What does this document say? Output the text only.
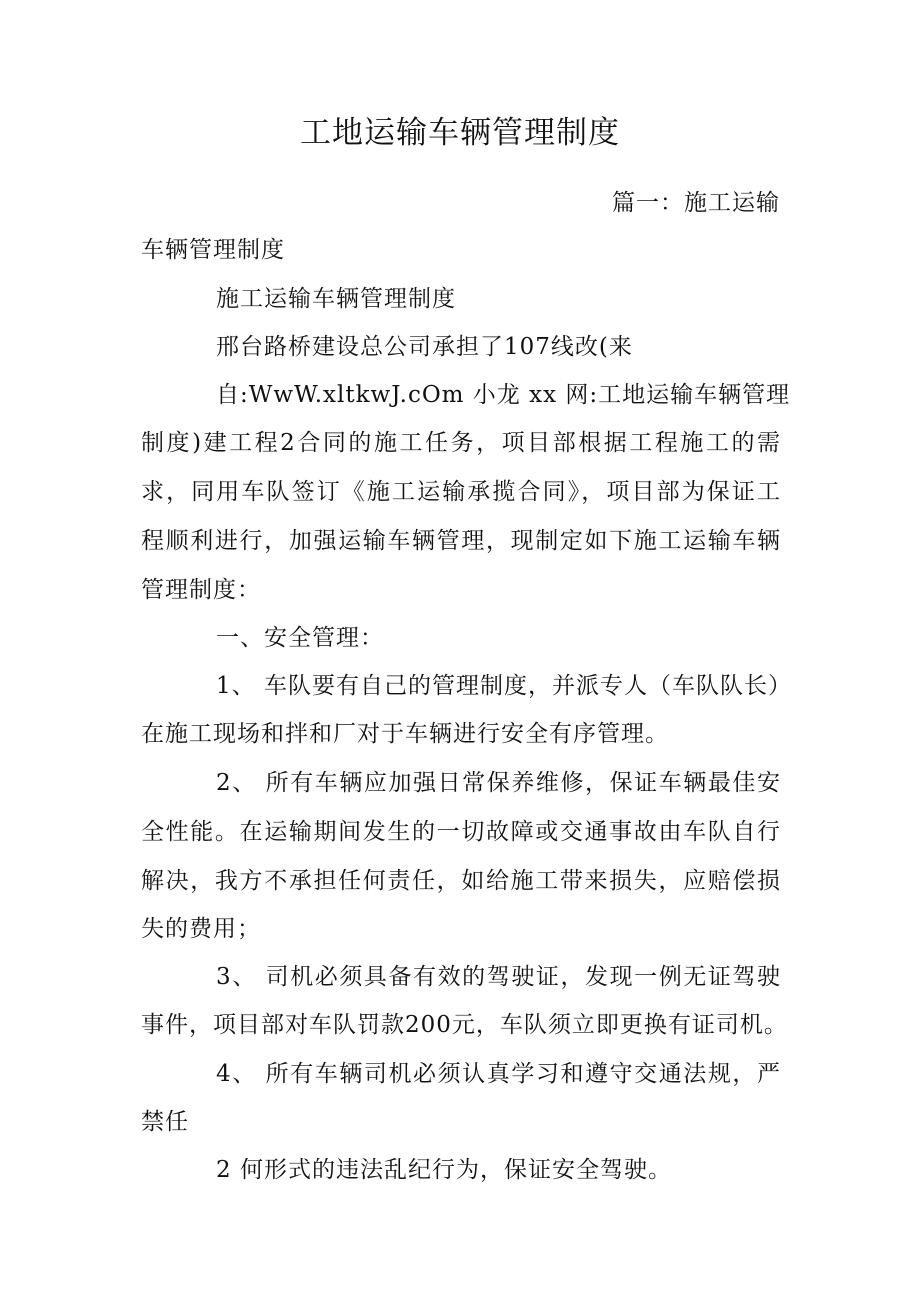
工地运输车辆管理制度
篇一：施工运输
车辆管理制度
施工运输车辆管理制度
邢台路桥建设总公司承担了107线改(来
自:WwW.xltkwJ.cOm 小龙 xx 网:工地运输车辆管理
制度)建工程2合同的施工任务，项目部根据工程施工的需
求，同用车队签订《施工运输承揽合同》，项目部为保证工
程顺利进行，加强运输车辆管理，现制定如下施工运输车辆
管理制度：
一、安全管理：
1、 车队要有自己的管理制度，并派专人（车队队长）
在施工现场和拌和厂对于车辆进行安全有序管理。
2、 所有车辆应加强日常保养维修，保证车辆最佳安
全性能。在运输期间发生的一切故障或交通事故由车队自行
解决，我方不承担任何责任，如给施工带来损失，应赔偿损
失的费用；
3、 司机必须具备有效的驾驶证，发现一例无证驾驶
事件，项目部对车队罚款200元，车队须立即更换有证司机。
4、 所有车辆司机必须认真学习和遵守交通法规，严
禁任
2 何形式的违法乱纪行为，保证安全驾驶。
